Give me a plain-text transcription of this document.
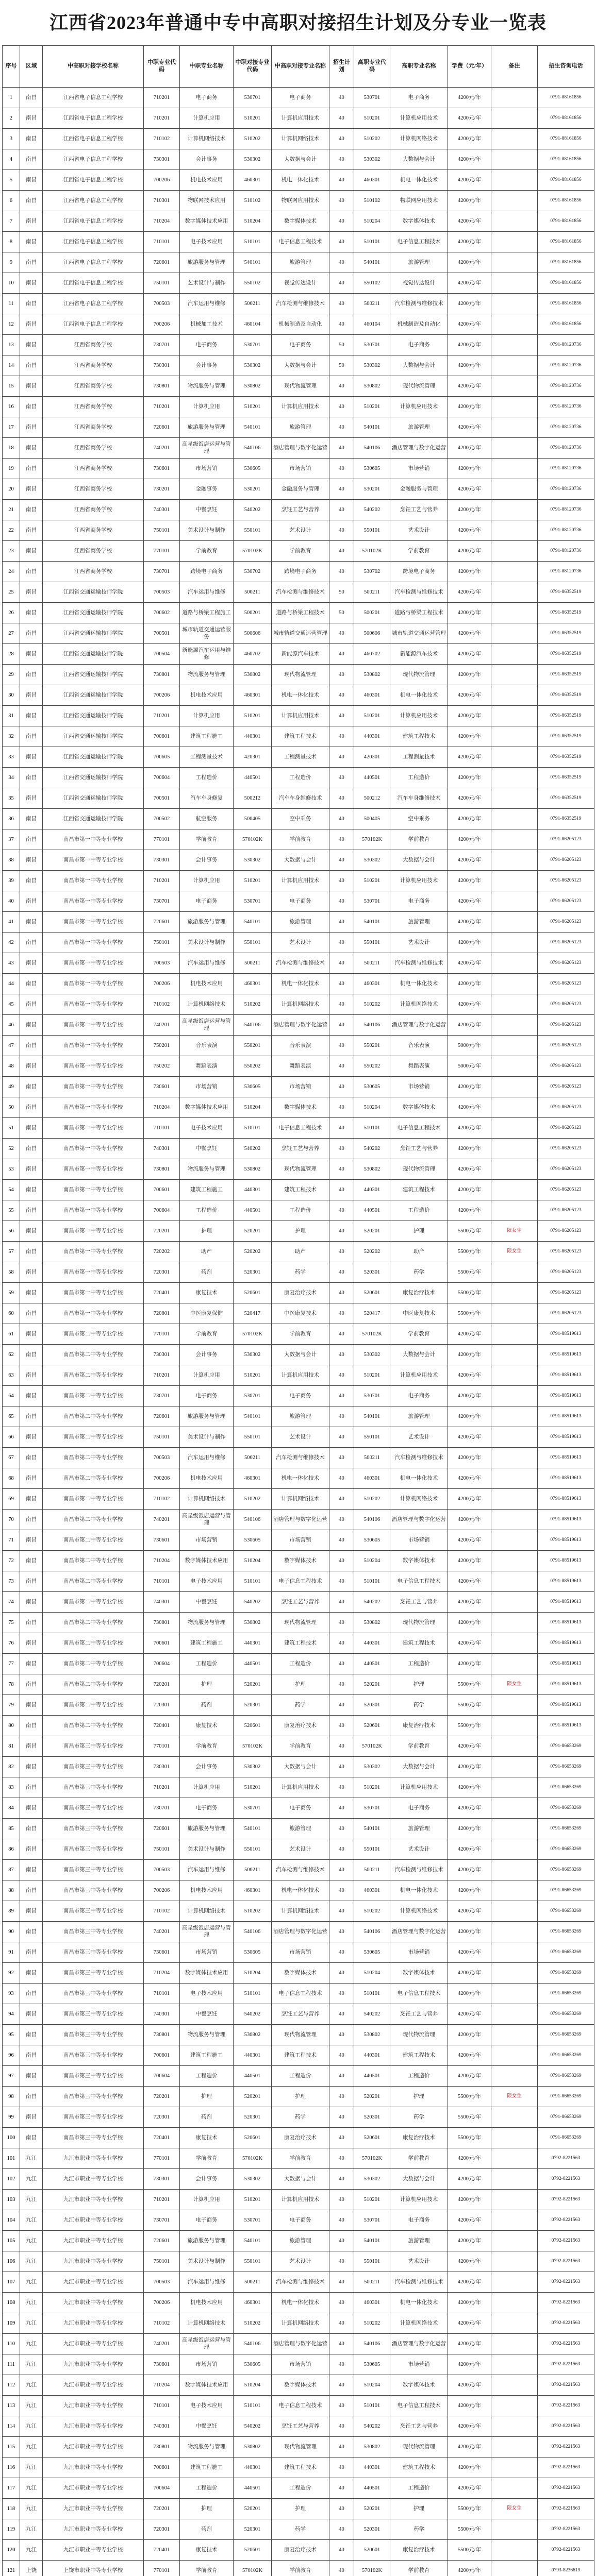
江西省2023年普通中专中高职对接招生计划及分专业一览表
序号	区域	中高职对接学校名称	中职专业代码	中职专业名称	中职对接专业代码	中高职对接专业名称	招生计划	高职专业代码	高职专业名称	学费（元/年）	备注	招生咨询电话
1	南昌	江西省电子信息工程学校	710201	电子商务	530701	电子商务	40	530701	电子商务	4200元/年		0791-88161856
2	南昌	江西省电子信息工程学校	710201	计算机应用	510201	计算机应用技术	40	510201	计算机应用技术	4200元/年		0791-88161856
3	南昌	江西省电子信息工程学校	710102	计算机网络技术	510202	计算机网络技术	40	510202	计算机网络技术	4200元/年		0791-88161856
4	南昌	江西省电子信息工程学校	730301	会计事务	530302	大数据与会计	40	530302	大数据与会计	4200元/年		0791-88161856
5	南昌	江西省电子信息工程学校	700206	机电技术应用	460301	机电一体化技术	40	460301	机电一体化技术	4200元/年		0791-88161856
6	南昌	江西省电子信息工程学校	710301	物联网技术应用	510102	物联网应用技术	40	510102	物联网应用技术	4200元/年		0791-88161856
7	南昌	江西省电子信息工程学校	710204	数字媒体技术应用	510204	数字媒体技术	40	510204	数字媒体技术	4200元/年		0791-88161856
8	南昌	江西省电子信息工程学校	710101	电子技术应用	510101	电子信息工程技术	40	510101	电子信息工程技术	4200元/年		0791-88161856
9	南昌	江西省电子信息工程学校	720601	旅游服务与管理	540101	旅游管理	40	540101	旅游管理	4200元/年		0791-88161856
10	南昌	江西省电子信息工程学校	750101	艺术设计与制作	550102	视觉传达设计	40	550102	视觉传达设计	4200元/年		0791-88161856
11	南昌	江西省电子信息工程学校	700503	汽车运用与维修	500211	汽车检测与维修技术	40	500211	汽车检测与维修技术	4200元/年		0791-88161856
12	南昌	江西省电子信息工程学校	700206	机械加工技术	460104	机械制造及自动化	40	460104	机械制造及自动化	4200元/年		0791-88161856
13	南昌	江西省商务学校	730701	电子商务	530701	电子商务	50	530701	电子商务	4200元/年		0791-88120736
14	南昌	江西省商务学校	730301	会计事务	530302	大数据与会计	50	530302	大数据与会计	4200元/年		0791-88120736
15	南昌	江西省商务学校	730801	物流服务与管理	530802	现代物流管理	40	530802	现代物流管理	4200元/年		0791-88120736
16	南昌	江西省商务学校	710201	计算机应用	510201	计算机应用技术	40	510201	计算机应用技术	4200元/年		0791-88120736
17	南昌	江西省商务学校	720601	旅游服务与管理	540101	旅游管理	40	540101	旅游管理	4200元/年		0791-88120736
18	南昌	江西省商务学校	740201	高星级饭店运营与管理	540106	酒店管理与数字化运营	40	540106	酒店管理与数字化运营	4200元/年		0791-88120736
19	南昌	江西省商务学校	730601	市场营销	530605	市场营销	40	530605	市场营销	4200元/年		0791-88120736
20	南昌	江西省商务学校	730201	金融事务	530201	金融服务与管理	40	530201	金融服务与管理	4200元/年		0791-88120736
21	南昌	江西省商务学校	740301	中餐烹饪	540202	烹饪工艺与营养	40	540202	烹饪工艺与营养	4200元/年		0791-88120736
22	南昌	江西省商务学校	750101	美术设计与制作	550101	艺术设计	40	550101	艺术设计	4200元/年		0791-88120736
23	南昌	江西省商务学校	770101	学前教育	570102K	学前教育	40	570102K	学前教育	4200元/年		0791-88120736
24	南昌	江西省商务学校	730701	跨境电子商务	530702	跨境电子商务	40	530702	跨境电子商务	4200元/年		0791-88120736
25	南昌	江西省交通运输技师学院	700503	汽车运用与维修	500211	汽车检测与维修技术	50	500211	汽车检测与维修技术	4200元/年		0791-86352519
26	南昌	江西省交通运输技师学院	700602	道路与桥梁工程施工	500201	道路与桥梁工程技术	50	500201	道路与桥梁工程技术	4200元/年		0791-86352519
27	南昌	江西省交通运输技师学院	700501	城市轨道交通运营服务	500606	城市轨道交通运营管理	40	500606	城市轨道交通运营管理	4200元/年		0791-86352519
28	南昌	江西省交通运输技师学院	700504	新能源汽车运用与维修	460702	新能源汽车技术	40	460702	新能源汽车技术	4200元/年		0791-86352519
29	南昌	江西省交通运输技师学院	730801	物流服务与管理	530802	现代物流管理	40	530802	现代物流管理	4200元/年		0791-86352519
30	南昌	江西省交通运输技师学院	700206	机电技术应用	460301	机电一体化技术	40	460301	机电一体化技术	4200元/年		0791-86352519
31	南昌	江西省交通运输技师学院	710201	计算机应用	510201	计算机应用技术	40	510201	计算机应用技术	4200元/年		0791-86352519
32	南昌	江西省交通运输技师学院	700601	建筑工程施工	440301	建筑工程技术	40	440301	建筑工程技术	4200元/年		0791-86352519
33	南昌	江西省交通运输技师学院	700605	工程测量技术	420301	工程测量技术	40	420301	工程测量技术	4200元/年		0791-86352519
34	南昌	江西省交通运输技师学院	700604	工程造价	440501	工程造价	40	440501	工程造价	4200元/年		0791-86352519
35	南昌	江西省交通运输技师学院	700501	汽车车身修复	500212	汽车车身维修技术	40	500212	汽车车身维修技术	4200元/年		0791-86352519
36	南昌	江西省交通运输技师学院	700502	航空服务	500405	空中乘务	40	500405	空中乘务	4200元/年		0791-86352519
37	南昌	南昌市第一中等专业学校	770101	学前教育	570102K	学前教育	40	570102K	学前教育	4200元/年		0791-86205123
38	南昌	南昌市第一中等专业学校	730301	会计事务	530302	大数据与会计	40	530302	大数据与会计	4200元/年		0791-86205123
39	南昌	南昌市第一中等专业学校	710201	计算机应用	510201	计算机应用技术	40	510201	计算机应用技术	4200元/年		0791-86205123
40	南昌	南昌市第一中等专业学校	730701	电子商务	530701	电子商务	40	530701	电子商务	4200元/年		0791-86205123
41	南昌	南昌市第一中等专业学校	720601	旅游服务与管理	540101	旅游管理	40	540101	旅游管理	4200元/年		0791-86205123
42	南昌	南昌市第一中等专业学校	750101	美术设计与制作	550101	艺术设计	40	550101	艺术设计	4200元/年		0791-86205123
43	南昌	南昌市第一中等专业学校	700503	汽车运用与维修	500211	汽车检测与维修技术	40	500211	汽车检测与维修技术	4200元/年		0791-86205123
44	南昌	南昌市第一中等专业学校	700206	机电技术应用	460301	机电一体化技术	40	460301	机电一体化技术	4200元/年		0791-86205123
45	南昌	南昌市第一中等专业学校	710102	计算机网络技术	510202	计算机网络技术	40	510202	计算机网络技术	4200元/年		0791-86205123
46	南昌	南昌市第一中等专业学校	740201	高星级饭店运营与管理	540106	酒店管理与数字化运营	40	540106	酒店管理与数字化运营	4200元/年		0791-86205123
47	南昌	南昌市第一中等专业学校	750201	音乐表演	550201	音乐表演	40	550201	音乐表演	5000元/年		0791-86205123
48	南昌	南昌市第一中等专业学校	750202	舞蹈表演	550202	舞蹈表演	40	550202	舞蹈表演	5000元/年		0791-86205123
49	南昌	南昌市第一中等专业学校	730601	市场营销	530605	市场营销	40	530605	市场营销	4200元/年		0791-86205123
50	南昌	南昌市第一中等专业学校	710204	数字媒体技术应用	510204	数字媒体技术	40	510204	数字媒体技术	4200元/年		0791-86205123
51	南昌	南昌市第一中等专业学校	710101	电子技术应用	510101	电子信息工程技术	40	510101	电子信息工程技术	4200元/年		0791-86205123
52	南昌	南昌市第一中等专业学校	740301	中餐烹饪	540202	烹饪工艺与营养	40	540202	烹饪工艺与营养	4200元/年		0791-86205123
53	南昌	南昌市第一中等专业学校	730801	物流服务与管理	530802	现代物流管理	40	530802	现代物流管理	4200元/年		0791-86205123
54	南昌	南昌市第一中等专业学校	700601	建筑工程施工	440301	建筑工程技术	40	440301	建筑工程技术	4200元/年		0791-86205123
55	南昌	南昌市第一中等专业学校	700604	工程造价	440501	工程造价	40	440501	工程造价	4200元/年		0791-86205123
56	南昌	南昌市第一中等专业学校	720201	护理	520201	护理	40	520201	护理	5500元/年	限女生	0791-86205123
57	南昌	南昌市第一中等专业学校	720202	助产	520202	助产	40	520202	助产	5500元/年	限女生	0791-86205123
58	南昌	南昌市第一中等专业学校	720301	药剂	520301	药学	40	520301	药学	5500元/年		0791-86205123
59	南昌	南昌市第一中等专业学校	720401	康复技术	520601	康复治疗技术	40	520601	康复治疗技术	5500元/年		0791-86205123
60	南昌	南昌市第一中等专业学校	720801	中医康复保健	520417	中医康复技术	40	520417	中医康复技术	5500元/年		0791-86205123
61	南昌	南昌市第二中等专业学校	770101	学前教育	570102K	学前教育	40	570102K	学前教育	4200元/年		0791-88519613
62	南昌	南昌市第二中等专业学校	730301	会计事务	530302	大数据与会计	40	530302	大数据与会计	4200元/年		0791-88519613
63	南昌	南昌市第二中等专业学校	710201	计算机应用	510201	计算机应用技术	40	510201	计算机应用技术	4200元/年		0791-88519613
64	南昌	南昌市第二中等专业学校	730701	电子商务	530701	电子商务	40	530701	电子商务	4200元/年		0791-88519613
65	南昌	南昌市第二中等专业学校	720601	旅游服务与管理	540101	旅游管理	40	540101	旅游管理	4200元/年		0791-88519613
66	南昌	南昌市第二中等专业学校	750101	美术设计与制作	550101	艺术设计	40	550101	艺术设计	4200元/年		0791-88519613
67	南昌	南昌市第二中等专业学校	700503	汽车运用与维修	500211	汽车检测与维修技术	40	500211	汽车检测与维修技术	4200元/年		0791-88519613
68	南昌	南昌市第二中等专业学校	700206	机电技术应用	460301	机电一体化技术	40	460301	机电一体化技术	4200元/年		0791-88519613
69	南昌	南昌市第二中等专业学校	710102	计算机网络技术	510202	计算机网络技术	40	510202	计算机网络技术	4200元/年		0791-88519613
70	南昌	南昌市第二中等专业学校	740201	高星级饭店运营与管理	540106	酒店管理与数字化运营	40	540106	酒店管理与数字化运营	4200元/年		0791-88519613
71	南昌	南昌市第二中等专业学校	730601	市场营销	530605	市场营销	40	530605	市场营销	4200元/年		0791-88519613
72	南昌	南昌市第二中等专业学校	710204	数字媒体技术应用	510204	数字媒体技术	40	510204	数字媒体技术	4200元/年		0791-88519613
73	南昌	南昌市第二中等专业学校	710101	电子技术应用	510101	电子信息工程技术	40	510101	电子信息工程技术	4200元/年		0791-88519613
74	南昌	南昌市第二中等专业学校	740301	中餐烹饪	540202	烹饪工艺与营养	40	540202	烹饪工艺与营养	4200元/年		0791-88519613
75	南昌	南昌市第二中等专业学校	730801	物流服务与管理	530802	现代物流管理	40	530802	现代物流管理	4200元/年		0791-88519613
76	南昌	南昌市第二中等专业学校	700601	建筑工程施工	440301	建筑工程技术	40	440301	建筑工程技术	4200元/年		0791-88519613
77	南昌	南昌市第二中等专业学校	700604	工程造价	440501	工程造价	40	440501	工程造价	4200元/年		0791-88519613
78	南昌	南昌市第二中等专业学校	720201	护理	520201	护理	40	520201	护理	5500元/年	限女生	0791-88519613
79	南昌	南昌市第二中等专业学校	720301	药剂	520301	药学	40	520301	药学	5500元/年		0791-88519613
80	南昌	南昌市第二中等专业学校	720401	康复技术	520601	康复治疗技术	40	520601	康复治疗技术	5500元/年		0791-88519613
81	南昌	南昌市第三中等专业学校	770101	学前教育	570102K	学前教育	40	570102K	学前教育	4200元/年		0791-86653269
82	南昌	南昌市第三中等专业学校	730301	会计事务	530302	大数据与会计	40	530302	大数据与会计	4200元/年		0791-86653269
83	南昌	南昌市第三中等专业学校	710201	计算机应用	510201	计算机应用技术	40	510201	计算机应用技术	4200元/年		0791-86653269
84	南昌	南昌市第三中等专业学校	730701	电子商务	530701	电子商务	40	530701	电子商务	4200元/年		0791-86653269
85	南昌	南昌市第三中等专业学校	720601	旅游服务与管理	540101	旅游管理	40	540101	旅游管理	4200元/年		0791-86653269
86	南昌	南昌市第三中等专业学校	750101	美术设计与制作	550101	艺术设计	40	550101	艺术设计	4200元/年		0791-86653269
87	南昌	南昌市第三中等专业学校	700503	汽车运用与维修	500211	汽车检测与维修技术	40	500211	汽车检测与维修技术	4200元/年		0791-86653269
88	南昌	南昌市第三中等专业学校	700206	机电技术应用	460301	机电一体化技术	40	460301	机电一体化技术	4200元/年		0791-86653269
89	南昌	南昌市第三中等专业学校	710102	计算机网络技术	510202	计算机网络技术	40	510202	计算机网络技术	4200元/年		0791-86653269
90	南昌	南昌市第三中等专业学校	740201	高星级饭店运营与管理	540106	酒店管理与数字化运营	40	540106	酒店管理与数字化运营	4200元/年		0791-86653269
91	南昌	南昌市第三中等专业学校	730601	市场营销	530605	市场营销	40	530605	市场营销	4200元/年		0791-86653269
92	南昌	南昌市第三中等专业学校	710204	数字媒体技术应用	510204	数字媒体技术	40	510204	数字媒体技术	4200元/年		0791-86653269
93	南昌	南昌市第三中等专业学校	710101	电子技术应用	510101	电子信息工程技术	40	510101	电子信息工程技术	4200元/年		0791-86653269
94	南昌	南昌市第三中等专业学校	740301	中餐烹饪	540202	烹饪工艺与营养	40	540202	烹饪工艺与营养	4200元/年		0791-86653269
95	南昌	南昌市第三中等专业学校	730801	物流服务与管理	530802	现代物流管理	40	530802	现代物流管理	4200元/年		0791-86653269
96	南昌	南昌市第三中等专业学校	700601	建筑工程施工	440301	建筑工程技术	40	440301	建筑工程技术	4200元/年		0791-86653269
97	南昌	南昌市第三中等专业学校	700604	工程造价	440501	工程造价	40	440501	工程造价	4200元/年		0791-86653269
98	南昌	南昌市第三中等专业学校	720201	护理	520201	护理	40	520201	护理	5500元/年	限女生	0791-86653269
99	南昌	南昌市第三中等专业学校	720301	药剂	520301	药学	40	520301	药学	5500元/年		0791-86653269
100	南昌	南昌市第三中等专业学校	720401	康复技术	520601	康复治疗技术	40	520601	康复治疗技术	5500元/年		0791-86653269
101	九江	九江市职业中等专业学校	770101	学前教育	570102K	学前教育	40	570102K	学前教育	4200元/年		0792-8221563
102	九江	九江市职业中等专业学校	730301	会计事务	530302	大数据与会计	40	530302	大数据与会计	4200元/年		0792-8221563
103	九江	九江市职业中等专业学校	710201	计算机应用	510201	计算机应用技术	40	510201	计算机应用技术	4200元/年		0792-8221563
104	九江	九江市职业中等专业学校	730701	电子商务	530701	电子商务	40	530701	电子商务	4200元/年		0792-8221563
105	九江	九江市职业中等专业学校	720601	旅游服务与管理	540101	旅游管理	40	540101	旅游管理	4200元/年		0792-8221563
106	九江	九江市职业中等专业学校	750101	美术设计与制作	550101	艺术设计	40	550101	艺术设计	4200元/年		0792-8221563
107	九江	九江市职业中等专业学校	700503	汽车运用与维修	500211	汽车检测与维修技术	40	500211	汽车检测与维修技术	4200元/年		0792-8221563
108	九江	九江市职业中等专业学校	700206	机电技术应用	460301	机电一体化技术	40	460301	机电一体化技术	4200元/年		0792-8221563
109	九江	九江市职业中等专业学校	710102	计算机网络技术	510202	计算机网络技术	40	510202	计算机网络技术	4200元/年		0792-8221563
110	九江	九江市职业中等专业学校	740201	高星级饭店运营与管理	540106	酒店管理与数字化运营	40	540106	酒店管理与数字化运营	4200元/年		0792-8221563
111	九江	九江市职业中等专业学校	730601	市场营销	530605	市场营销	40	530605	市场营销	4200元/年		0792-8221563
112	九江	九江市职业中等专业学校	710204	数字媒体技术应用	510204	数字媒体技术	40	510204	数字媒体技术	4200元/年		0792-8221563
113	九江	九江市职业中等专业学校	710101	电子技术应用	510101	电子信息工程技术	40	510101	电子信息工程技术	4200元/年		0792-8221563
114	九江	九江市职业中等专业学校	740301	中餐烹饪	540202	烹饪工艺与营养	40	540202	烹饪工艺与营养	4200元/年		0792-8221563
115	九江	九江市职业中等专业学校	730801	物流服务与管理	530802	现代物流管理	40	530802	现代物流管理	4200元/年		0792-8221563
116	九江	九江市职业中等专业学校	700601	建筑工程施工	440301	建筑工程技术	40	440301	建筑工程技术	4200元/年		0792-8221563
117	九江	九江市职业中等专业学校	700604	工程造价	440501	工程造价	40	440501	工程造价	4200元/年		0792-8221563
118	九江	九江市职业中等专业学校	720201	护理	520201	护理	40	520201	护理	5500元/年	限女生	0792-8221563
119	九江	九江市职业中等专业学校	720301	药剂	520301	药学	40	520301	药学	5500元/年		0792-8221563
120	九江	九江市职业中等专业学校	720401	康复技术	520601	康复治疗技术	40	520601	康复治疗技术	5500元/年		0792-8221563
121	上饶	上饶市职业中等专业学校	770101	学前教育	570102K	学前教育	40	570102K	学前教育	4200元/年		0793-8236619
